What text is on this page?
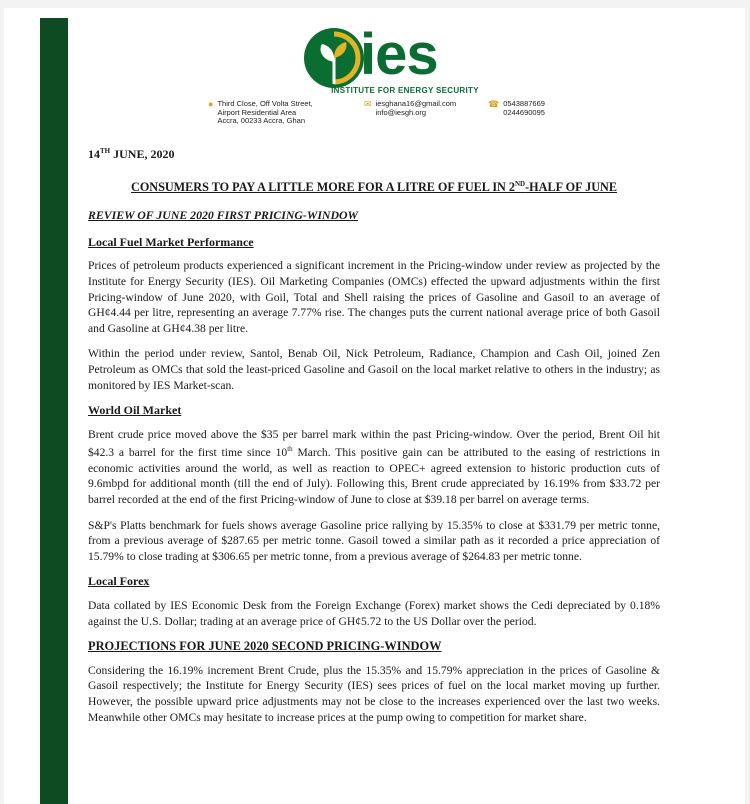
ies
INSTITUTE FOR ENERGY SECURITY
● Third Close, Off Volta Street,
Airport Residential Area
Accra, 00233 Accra, Ghan
✉ iesghana16@gmail.com
info@iesgh.org
☎ 0543887669
0244690095
14TH JUNE, 2020
CONSUMERS TO PAY A LITTLE MORE FOR A LITRE OF FUEL IN 2ND-HALF OF JUNE
REVIEW OF JUNE 2020 FIRST PRICING-WINDOW
Local Fuel Market Performance

Prices of petroleum products experienced a significant increment in the Pricing-window under review as projected by the Institute for Energy Security (IES). Oil Marketing Companies (OMCs) effected the upward adjustments within the first Pricing-window of June 2020, with Goil, Total and Shell raising the prices of Gasoline and Gasoil to an average of GH¢4.44 per litre, representing an average 7.77% rise. The changes puts the current national average price of both Gasoil and Gasoline at GH¢4.38 per litre.

Within the period under review, Santol, Benab Oil, Nick Petroleum, Radiance, Champion and Cash Oil, joined Zen Petroleum as OMCs that sold the least-priced Gasoline and Gasoil on the local market relative to others in the industry; as monitored by IES Market-scan.

World Oil Market

Brent crude price moved above the $35 per barrel mark within the past Pricing-window. Over the period, Brent Oil hit $42.3 a barrel for the first time since 10th March. This positive gain can be attributed to the easing of restrictions in economic activities around the world, as well as reaction to OPEC+ agreed extension to historic production cuts of 9.6mbpd for additional month (till the end of July). Following this, Brent crude appreciated by 16.19% from $33.72 per barrel recorded at the end of the first Pricing-window of June to close at $39.18 per barrel on average terms.

S&P's Platts benchmark for fuels shows average Gasoline price rallying by 15.35% to close at $331.79 per metric tonne, from a previous average of $287.65 per metric tonne. Gasoil towed a similar path as it recorded a price appreciation of 15.79% to close trading at $306.65 per metric tonne, from a previous average of $264.83 per metric tonne.

Local Forex

Data collated by IES Economic Desk from the Foreign Exchange (Forex) market shows the Cedi depreciated by 0.18% against the U.S. Dollar; trading at an average price of GH¢5.72 to the US Dollar over the period.

PROJECTIONS FOR JUNE 2020 SECOND PRICING-WINDOW

Considering the 16.19% increment Brent Crude, plus the 15.35% and 15.79% appreciation in the prices of Gasoline & Gasoil respectively; the Institute for Energy Security (IES) sees prices of fuel on the local market moving up further. However, the possible upward price adjustments may not be close to the increases experienced over the last two weeks. Meanwhile other OMCs may hesitate to increase prices at the pump owing to competition for market share.
